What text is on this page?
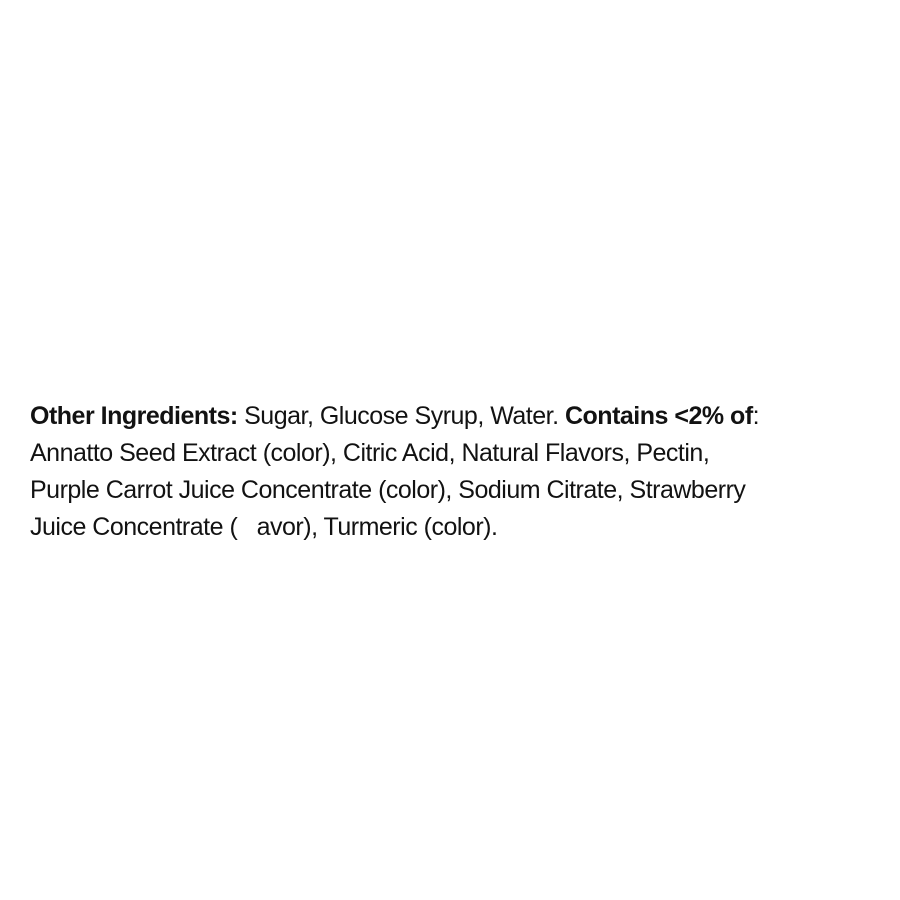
Other Ingredients: Sugar, Glucose Syrup, Water. Contains <2% of:
Annatto Seed Extract (color), Citric Acid, Natural Flavors, Pectin,
Purple Carrot Juice Concentrate (color), Sodium Citrate, Strawberry
Juice Concentrate (   avor), Turmeric (color).
